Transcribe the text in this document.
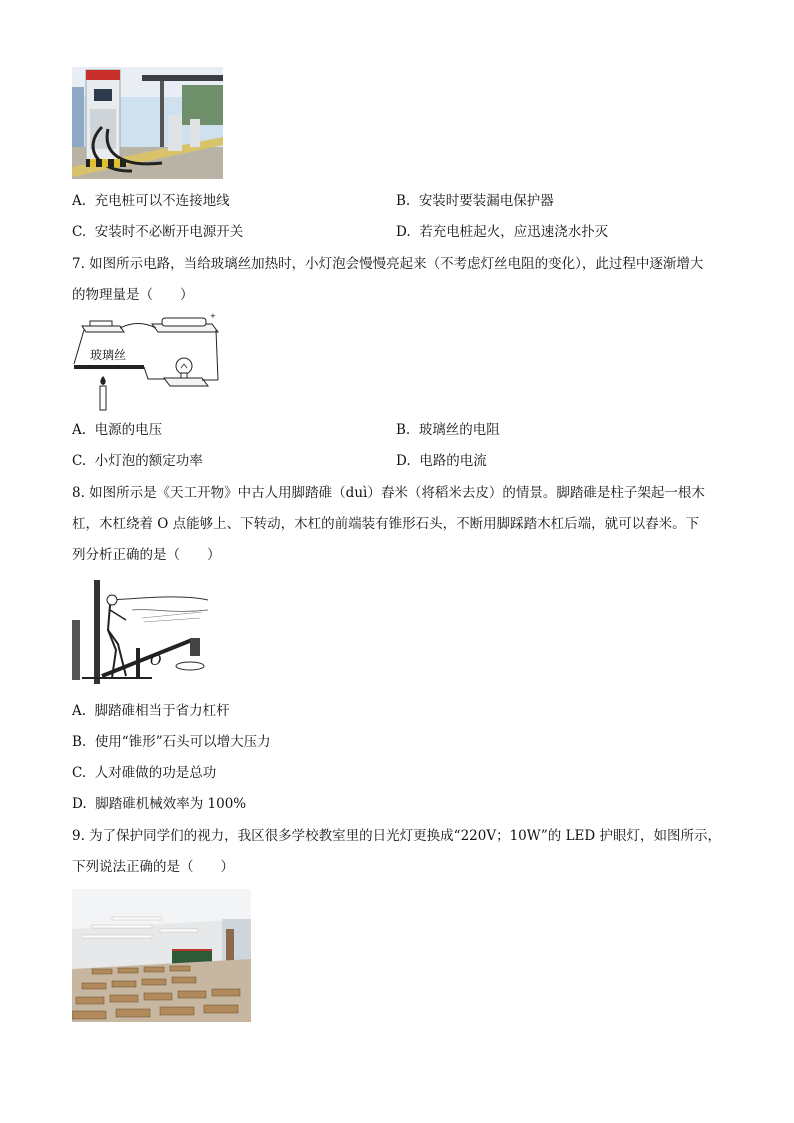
A. 充电桩可以不连接地线	B. 安装时要装漏电保护器
C. 安装时不必断开电源开关	D. 若充电桩起火，应迅速浇水扑灭
7. 如图所示电路，当给玻璃丝加热时，小灯泡会慢慢亮起来（不考虑灯丝电阻的变化），此过程中逐渐增大
的物理量是（　　）
+
玻璃丝
A. 电源的电压	B. 玻璃丝的电阻
C. 小灯泡的额定功率	D. 电路的电流
8. 如图所示是《天工开物》中古人用脚踏碓（duì）舂米（将稻米去皮）的情景。脚踏碓是柱子架起一根木
杠，木杠绕着 O 点能够上、下转动，木杠的前端装有锥形石头，不断用脚踩踏木杠后端，就可以舂米。下
列分析正确的是（　　）
O
A. 脚踏碓相当于省力杠杆
B. 使用“锥形”石头可以增大压力
C. 人对碓做的功是总功
D. 脚踏碓机械效率为 100%
9. 为了保护同学们的视力，我区很多学校教室里的日光灯更换成“220V；10W”的 LED 护眼灯，如图所示，
下列说法正确的是（　　）
